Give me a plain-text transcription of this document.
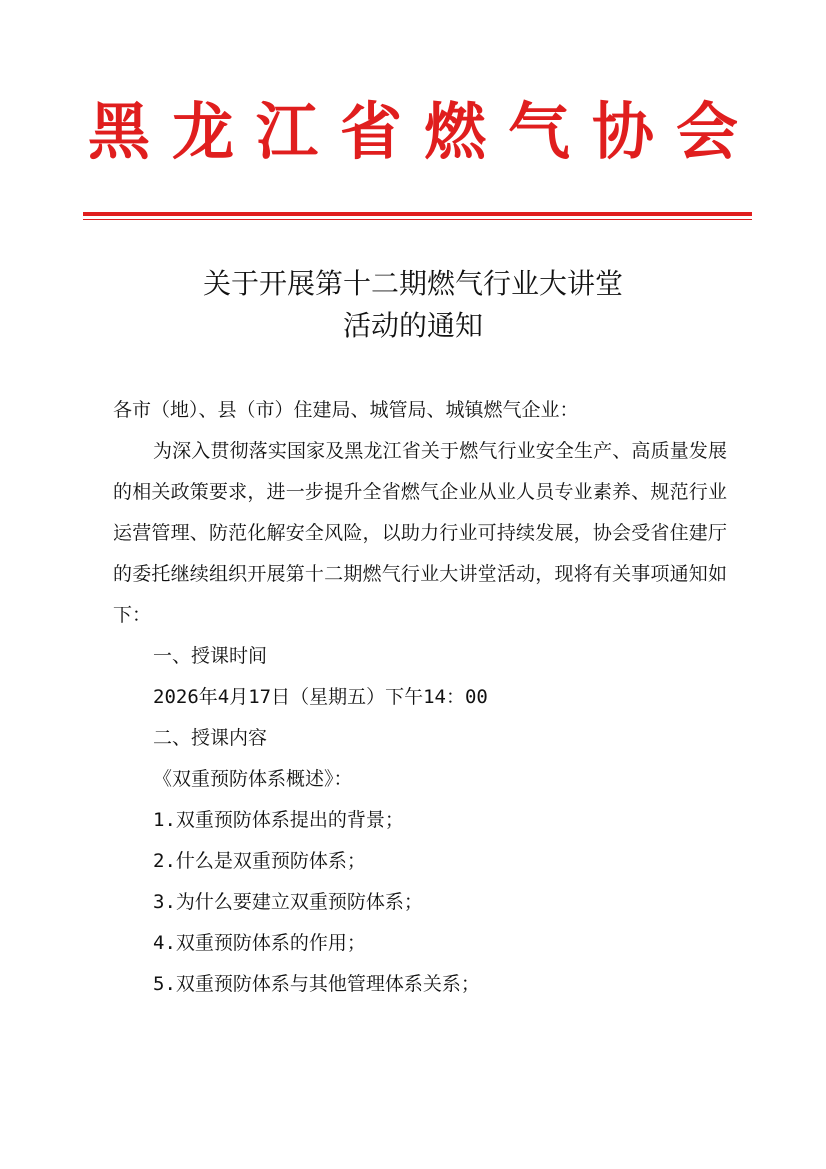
黑龙江省燃气协会
关于开展第十二期燃气行业大讲堂
活动的通知

各市（地）、县（市）住建局、城管局、城镇燃气企业：

为深入贯彻落实国家及黑龙江省关于燃气行业安全生产、高质量发展的相关政策要求，进一步提升全省燃气企业从业人员专业素养、规范行业运营管理、防范化解安全风险，以助力行业可持续发展，协会受省住建厅的委托继续组织开展第十二期燃气行业大讲堂活动，现将有关事项通知如下：

一、授课时间

2026年4月17日（星期五）下午14：00

二、授课内容

《双重预防体系概述》：

1.双重预防体系提出的背景；

2.什么是双重预防体系；

3.为什么要建立双重预防体系；

4.双重预防体系的作用；

5.双重预防体系与其他管理体系关系；
